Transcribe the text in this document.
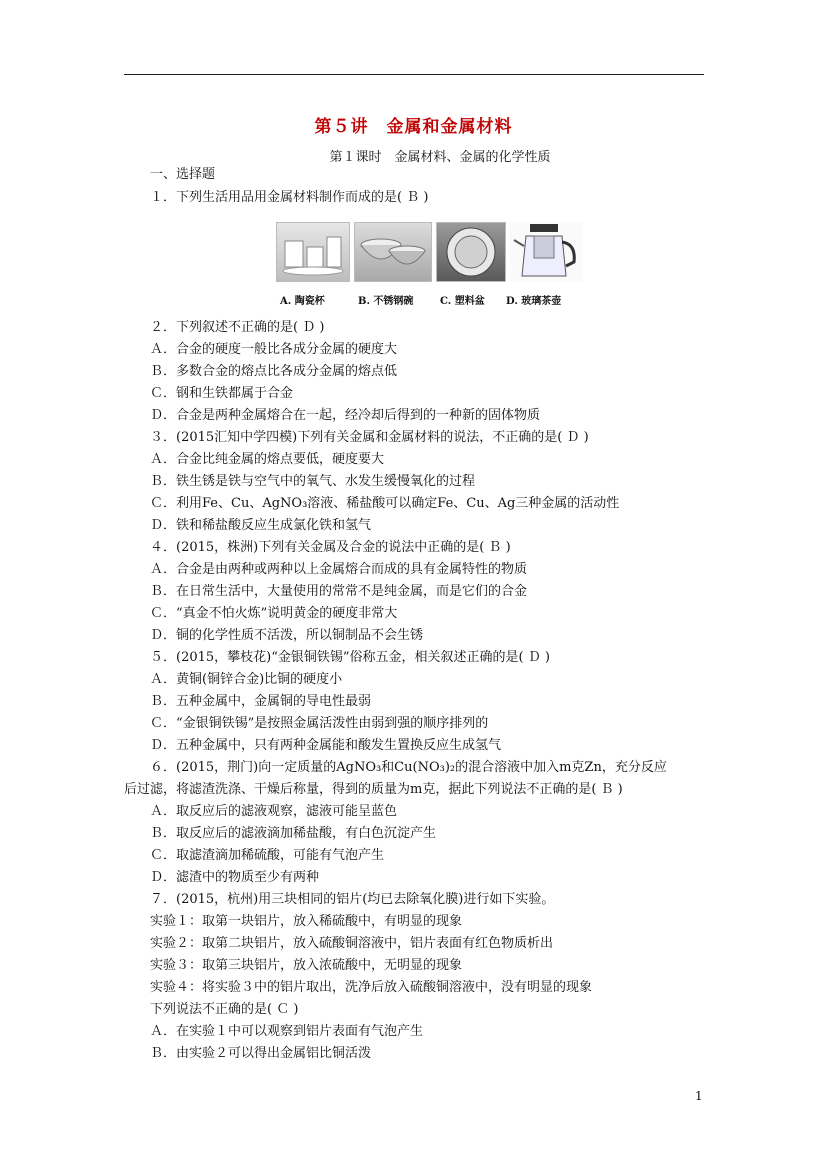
第５讲　金属和金属材料
第１课时　金属材料、金属的化学性质
一、选择题
１．下列生活用品用金属材料制作而成的是( Ｂ )
A. 陶瓷杯	B. 不锈钢碗	C. 塑料盆 D. 玻璃茶壶
２．下列叙述不正确的是( Ｄ )
Ａ．合金的硬度一般比各成分金属的硬度大
Ｂ．多数合金的熔点比各成分金属的熔点低
Ｃ．钢和生铁都属于合金
Ｄ．合金是两种金属熔合在一起，经冷却后得到的一种新的固体物质
３．(2015汇知中学四模)下列有关金属和金属材料的说法，不正确的是( Ｄ )
Ａ．合金比纯金属的熔点要低，硬度要大
Ｂ．铁生锈是铁与空气中的氧气、水发生缓慢氧化的过程
Ｃ．利用Fe、Cu、AgNO₃溶液、稀盐酸可以确定Fe、Cu、Ag三种金属的活动性
Ｄ．铁和稀盐酸反应生成氯化铁和氢气
４．(2015，株洲)下列有关金属及合金的说法中正确的是( Ｂ )
Ａ．合金是由两种或两种以上金属熔合而成的具有金属特性的物质
Ｂ．在日常生活中，大量使用的常常不是纯金属，而是它们的合金
Ｃ．“真金不怕火炼”说明黄金的硬度非常大
Ｄ．铜的化学性质不活泼，所以铜制品不会生锈
５．(2015，攀枝花)“金银铜铁锡”俗称五金，相关叙述正确的是( Ｄ )
Ａ．黄铜(铜锌合金)比铜的硬度小
Ｂ．五种金属中，金属铜的导电性最弱
Ｃ．“金银铜铁锡”是按照金属活泼性由弱到强的顺序排列的
Ｄ．五种金属中，只有两种金属能和酸发生置换反应生成氢气
６．(2015，荆门)向一定质量的AgNO₃和Cu(NO₃)₂的混合溶液中加入m克Zn，充分反应
后过滤，将滤渣洗涤、干燥后称量，得到的质量为m克，据此下列说法不正确的是( Ｂ )
Ａ．取反应后的滤液观察，滤液可能呈蓝色
Ｂ．取反应后的滤液滴加稀盐酸，有白色沉淀产生
Ｃ．取滤渣滴加稀硫酸，可能有气泡产生
Ｄ．滤渣中的物质至少有两种
７．(2015，杭州)用三块相同的铝片(均已去除氧化膜)进行如下实验。
实验１：取第一块铝片，放入稀硫酸中，有明显的现象
实验２：取第二块铝片，放入硫酸铜溶液中，铝片表面有红色物质析出
实验３：取第三块铝片，放入浓硫酸中，无明显的现象
实验４：将实验３中的铝片取出，洗净后放入硫酸铜溶液中，没有明显的现象
下列说法不正确的是( Ｃ )
Ａ．在实验１中可以观察到铝片表面有气泡产生
Ｂ．由实验２可以得出金属铝比铜活泼
1
